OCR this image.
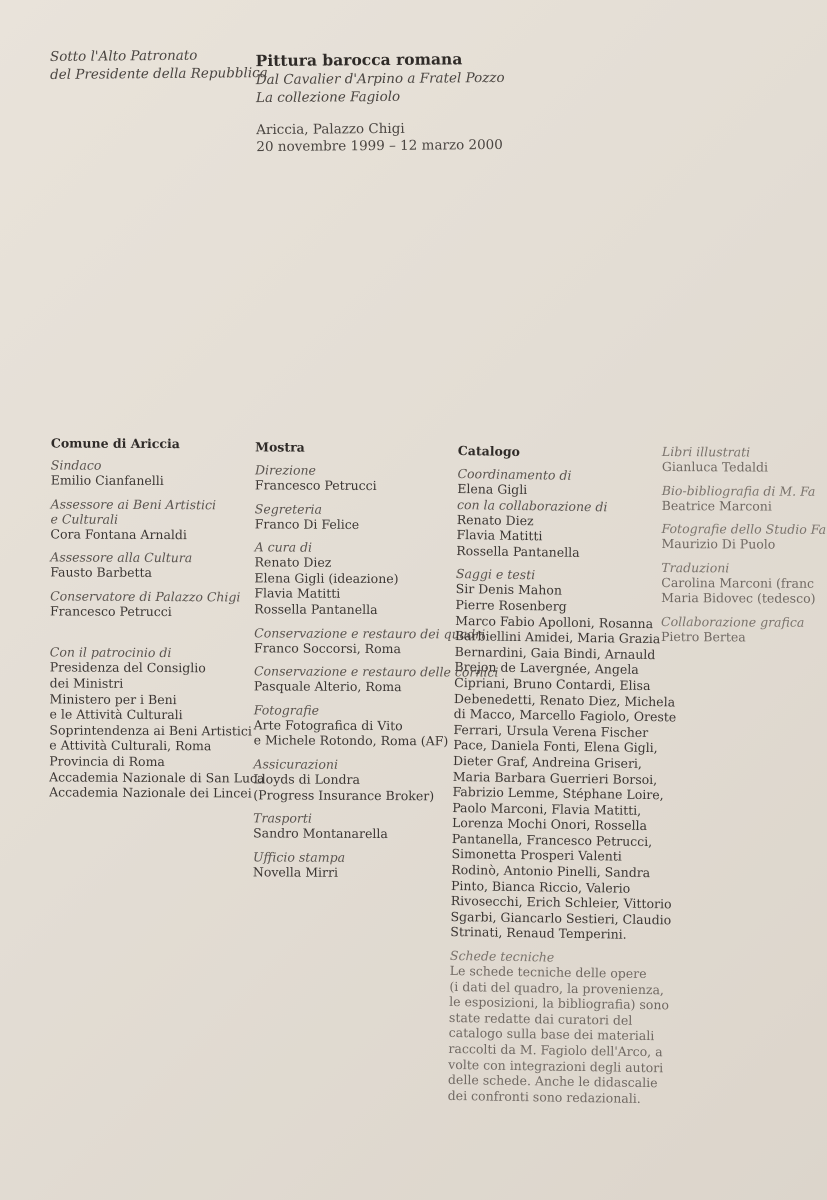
Sotto l'Alto Patronato
del Presidente della Repubblica
Pittura barocca romana
Dal Cavalier d'Arpino a Fratel Pozzo
La collezione Fagiolo
Ariccia, Palazzo Chigi
20 novembre 1999 – 12 marzo 2000
Comune di Ariccia
Sindaco
Emilio Cianfanelli
Assessore ai Beni Artistici
e Culturali
Cora Fontana Arnaldi
Assessore alla Cultura
Fausto Barbetta
Conservatore di Palazzo Chigi
Francesco Petrucci
Con il patrocinio di
Presidenza del Consiglio
dei Ministri
Ministero per i Beni
e le Attività Culturali
Soprintendenza ai Beni Artistici
e Attività Culturali, Roma
Provincia di Roma
Accademia Nazionale di San Luca
Accademia Nazionale dei Lincei
Mostra
Direzione
Francesco Petrucci
Segreteria
Franco Di Felice
A cura di
Renato Diez
Elena Gigli (ideazione)
Flavia Matitti
Rossella Pantanella
Conservazione e restauro dei quadri
Franco Soccorsi, Roma
Conservazione e restauro delle cornici
Pasquale Alterio, Roma
Fotografie
Arte Fotografica di Vito
e Michele Rotondo, Roma (AF)
Assicurazioni
Lloyds di Londra
(Progress Insurance Broker)
Trasporti
Sandro Montanarella
Ufficio stampa
Novella Mirri
Catalogo
Coordinamento di
Elena Gigli
con la collaborazione di
Renato Diez
Flavia Matitti
Rossella Pantanella
Saggi e testi
Sir Denis Mahon
Pierre Rosenberg
Marco Fabio Apolloni, Rosanna
Barbiellini Amidei, Maria Grazia
Bernardini, Gaia Bindi, Arnauld
Brejon de Lavergnée, Angela
Cipriani, Bruno Contardi, Elisa
Debenedetti, Renato Diez, Michela
di Macco, Marcello Fagiolo, Oreste
Ferrari, Ursula Verena Fischer
Pace, Daniela Fonti, Elena Gigli,
Dieter Graf, Andreina Griseri,
Maria Barbara Guerrieri Borsoi,
Fabrizio Lemme, Stéphane Loire,
Paolo Marconi, Flavia Matitti,
Lorenza Mochi Onori, Rossella
Pantanella, Francesco Petrucci,
Simonetta Prosperi Valenti
Rodinò, Antonio Pinelli, Sandra
Pinto, Bianca Riccio, Valerio
Rivosecchi, Erich Schleier, Vittorio
Sgarbi, Giancarlo Sestieri, Claudio
Strinati, Renaud Temperini.
Schede tecniche
Le schede tecniche delle opere
(i dati del quadro, la provenienza,
le esposizioni, la bibliografia) sono
state redatte dai curatori del
catalogo sulla base dei materiali
raccolti da M. Fagiolo dell'Arco, a
volte con integrazioni degli autori
delle schede. Anche le didascalie
dei confronti sono redazionali.
Libri illustrati
Gianluca Tedaldi
Bio-bibliografia di M. Fa
Beatrice Marconi
Fotografie dello Studio Fa
Maurizio Di Puolo
Traduzioni
Carolina Marconi (franc
Maria Bidovec (tedesco)
Collaborazione grafica
Pietro Bertea
